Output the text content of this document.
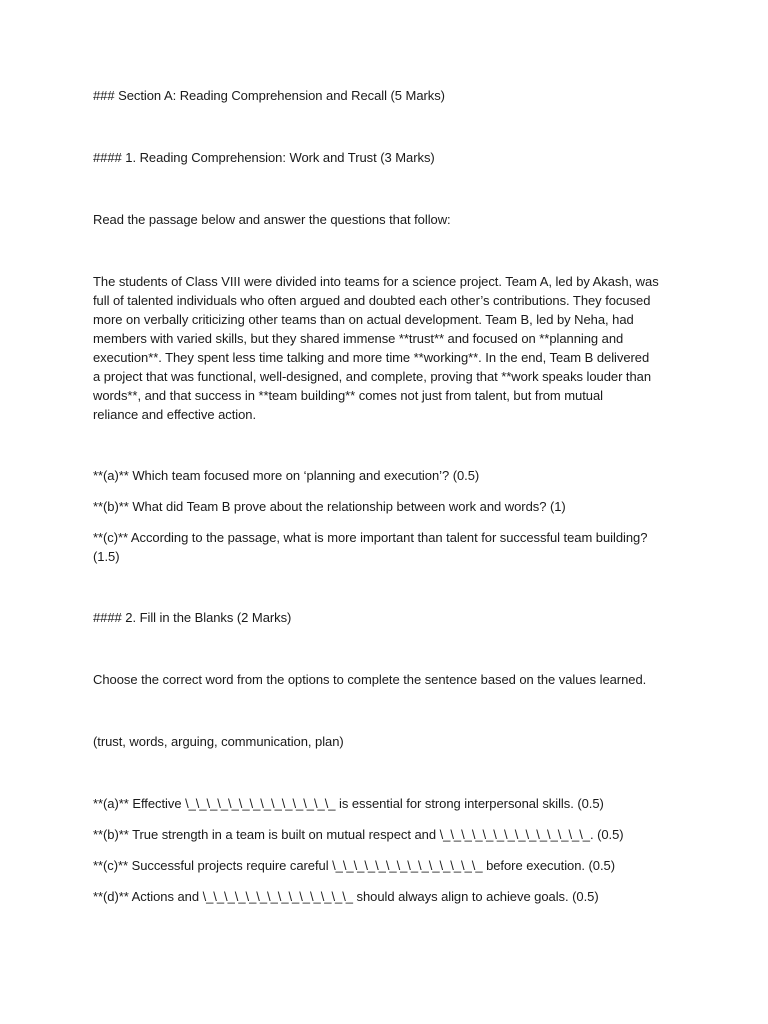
### Section A: Reading Comprehension and Recall (5 Marks)
#### 1. Reading Comprehension: Work and Trust (3 Marks)
Read the passage below and answer the questions that follow:
The students of Class VIII were divided into teams for a science project. Team A, led by Akash, was
full of talented individuals who often argued and doubted each other’s contributions. They focused
more on verbally criticizing other teams than on actual development. Team B, led by Neha, had
members with varied skills, but they shared immense **trust** and focused on **planning and
execution**. They spent less time talking and more time **working**. In the end, Team B delivered
a project that was functional, well-designed, and complete, proving that **work speaks louder than
words**, and that success in **team building** comes not just from talent, but from mutual
reliance and effective action.
**(a)** Which team focused more on ‘planning and execution’? (0.5)
**(b)** What did Team B prove about the relationship between work and words? (1)
**(c)** According to the passage, what is more important than talent for successful team building?
(1.5)
#### 2. Fill in the Blanks (2 Marks)
Choose the correct word from the options to complete the sentence based on the values learned.
(trust, words, arguing, communication, plan)
**(a)** Effective \_\_\_\_\_\_\_\_\_\_\_\_\_\_ is essential for strong interpersonal skills. (0.5)
**(b)** True strength in a team is built on mutual respect and \_\_\_\_\_\_\_\_\_\_\_\_\_\_. (0.5)
**(c)** Successful projects require careful \_\_\_\_\_\_\_\_\_\_\_\_\_\_ before execution. (0.5)
**(d)** Actions and \_\_\_\_\_\_\_\_\_\_\_\_\_\_ should always align to achieve goals. (0.5)
